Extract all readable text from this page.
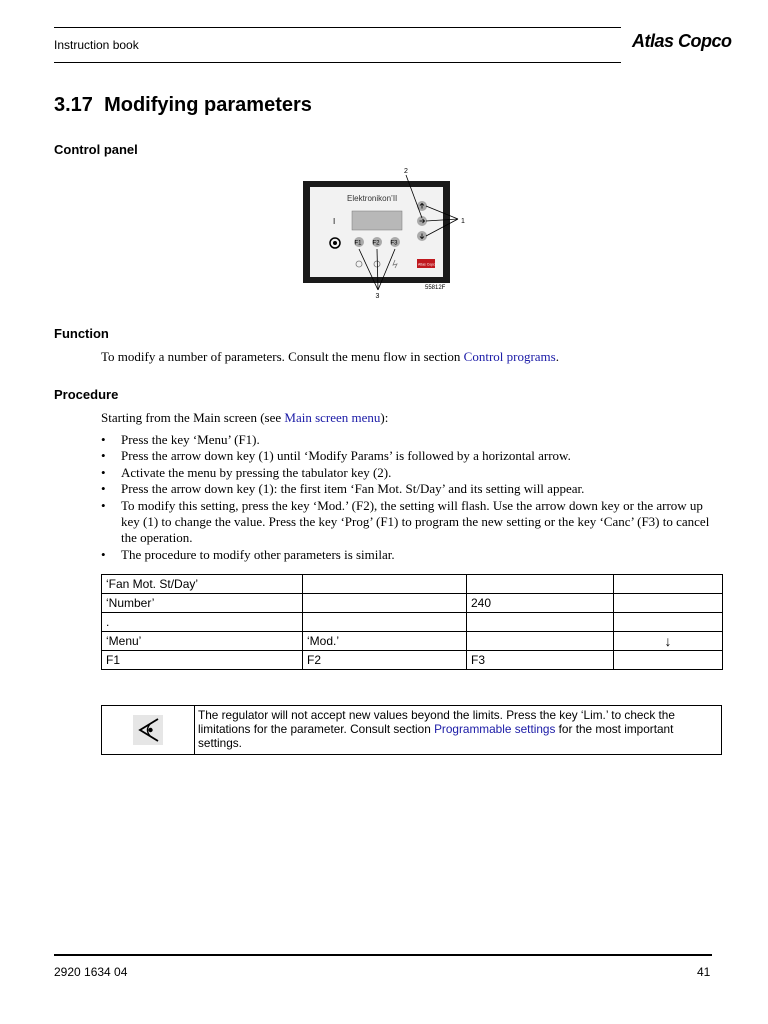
Instruction book	Atlas Copco
3.17 Modifying parameters
Control panel
Elektronikon’II
I
F1 F2 F3
Atlas Copco
2
1
3
55812F
Function
To modify a number of parameters. Consult the menu flow in section Control programs.
Procedure
Starting from the Main screen (see Main screen menu):
• Press the key ‘Menu’ (F1).
• Press the arrow down key (1) until ‘Modify Params’ is followed by a horizontal arrow.
• Activate the menu by pressing the tabulator key (2).
• Press the arrow down key (1): the first item ‘Fan Mot. St/Day’ and its setting will appear.
• To modify this setting, press the key ‘Mod.’ (F2), the setting will flash. Use the arrow down key or the arrow up key (1) to change the value. Press the key ‘Prog’ (F1) to program the new setting or the key ‘Canc’ (F3) to cancel the operation.
• The procedure to modify other parameters is similar.
‘Fan Mot. St/Day’			
‘Number’		240	
.			
‘Menu’	‘Mod.’		↓
F1	F2	F3	
The regulator will not accept new values beyond the limits. Press the key ‘Lim.’ to check the limitations for the parameter. Consult section Programmable settings for the most important settings.
2920 1634 04	41
